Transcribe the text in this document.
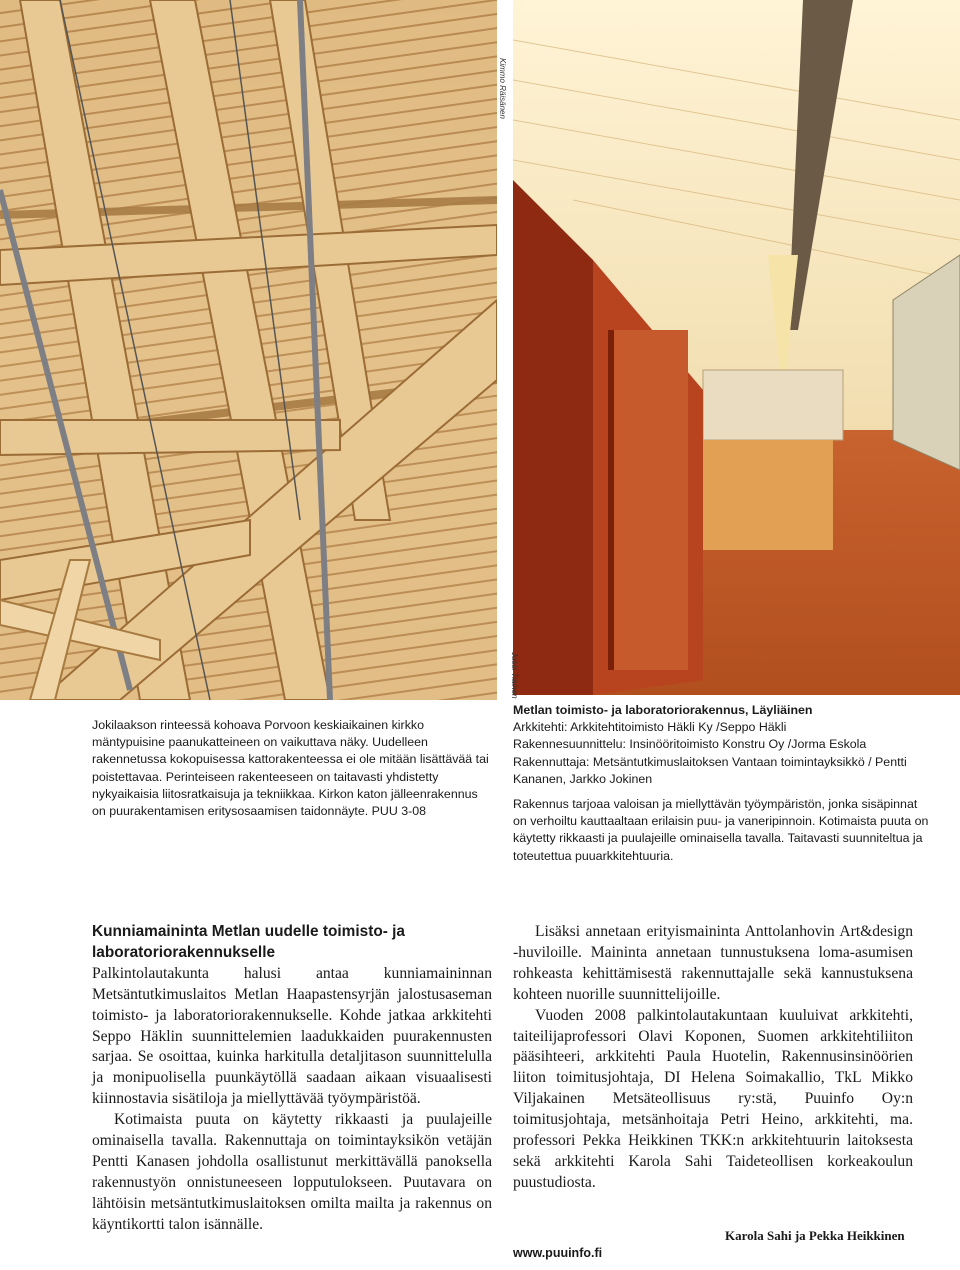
Kimmo Räisänen
Jussi Tiainen
Jokilaakson rinteessä kohoava Porvoon keskiaikainen kirkko mäntypuisine paanukatteineen on vaikuttava näky. Uudelleen rakennetussa kokopuisessa kattorakenteessa ei ole mitään lisättävää tai poistettavaa. Perinteiseen rakenteeseen on taitavasti yhdistetty nykyaikaisia liitosratkaisuja ja tekniikkaa. Kirkon katon jälleenrakennus on puurakentamisen eritysosaamisen taidonnäyte. PUU 3-08
Metlan toimisto- ja laboratoriorakennus, Läyliäinen
Arkkitehti: Arkkitehtitoimisto Häkli Ky /Seppo Häkli
Rakennesuunnittelu: Insinööritoimisto Konstru Oy /Jorma Eskola
Rakennuttaja: Metsäntutkimuslaitoksen Vantaan toimintayksikkö / Pentti Kananen, Jarkko Jokinen
Rakennus tarjoaa valoisan ja miellyttävän työympäristön, jonka sisäpinnat on verhoiltu kauttaaltaan erilaisin puu- ja vaneripinnoin. Kotimaista puuta on käytetty rikkaasti ja puulajeille ominaisella tavalla. Taitavasti suunniteltua ja toteutettua puuarkkitehtuuria.
Kunniamaininta Metlan uudelle toimisto- ja laboratoriorakennukselle

Palkintolautakunta halusi antaa kunniamaininnan Metsäntutkimuslaitos Metlan Haapastensyrjän jalostusaseman toimisto- ja laboratoriorakennukselle. Kohde jatkaa arkkitehti Seppo Häklin suunnittelemien laadukkaiden puurakennusten sarjaa. Se osoittaa, kuinka harkitulla detaljitason suunnittelulla ja monipuolisella puunkäytöllä saadaan aikaan visuaalisesti kiinnostavia sisätiloja ja miellyttävää työympäristöä.

Kotimaista puuta on käytetty rikkaasti ja puulajeille ominaisella tavalla. Rakennuttaja on toimintayksikön vetäjän Pentti Kanasen johdolla osallistunut merkittävällä panoksella rakennustyön onnistuneeseen lopputulokseen. Puutavara on lähtöisin metsäntutkimuslaitoksen omilta mailta ja rakennus on käyntikortti talon isännälle.

Lisäksi annetaan erityismaininta Anttolanhovin Art&design -huviloille. Maininta annetaan tunnustuksena loma-asumisen rohkeasta kehittämisestä rakennuttajalle sekä kannustuksena kohteen nuorille suunnittelijoille.

Vuoden 2008 palkintolautakuntaan kuuluivat arkkitehti, taiteilijaprofessori Olavi Koponen, Suomen arkkitehtiliiton pääsihteeri, arkkitehti Paula Huotelin, Rakennusinsinöörien liiton toimitusjohtaja, DI Helena Soimakallio, TkL Mikko Viljakainen Metsäteollisuus ry:stä, Puuinfo Oy:n toimitusjohtaja, metsänhoitaja Petri Heino, arkkitehti, ma. professori Pekka Heikkinen TKK:n arkkitehtuurin laitoksesta sekä arkkitehti Karola Sahi Taideteollisen korkeakoulun puustudiosta.

Karola Sahi ja Pekka Heikkinen
www.puuinfo.fi
